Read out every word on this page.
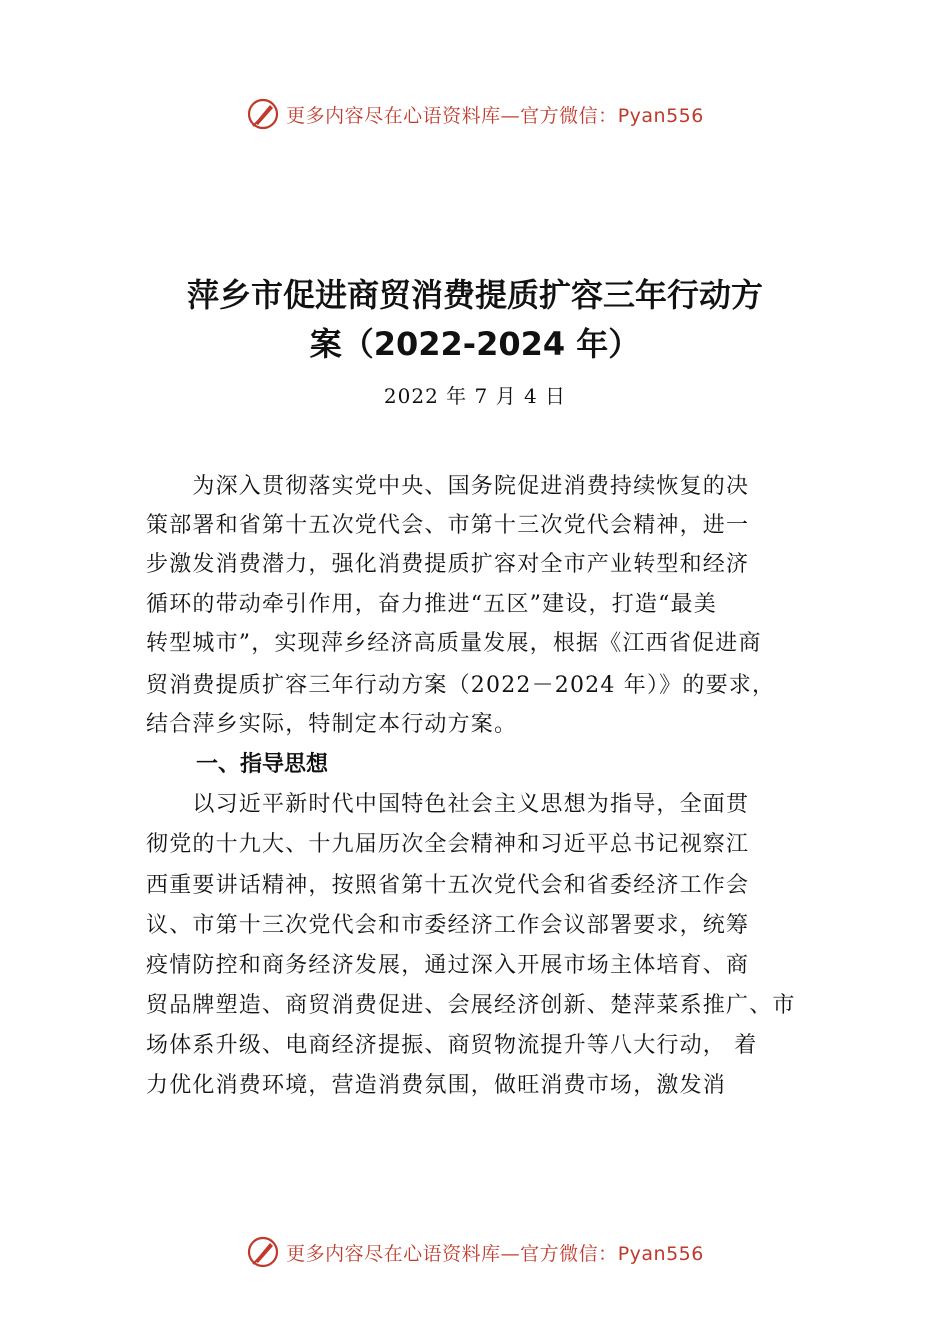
更多内容尽在心语资料库—官方微信：Pyan556
萍乡市促进商贸消费提质扩容三年行动方
案（2022-2024 年）
2022 年 7 月 4 日
　　为深入贯彻落实党中央、国务院促进消费持续恢复的决
策部署和省第十五次党代会、市第十三次党代会精神，进一
步激发消费潜力，强化消费提质扩容对全市产业转型和经济
循环的带动牵引作用，奋力推进“五区”建设，打造“最美
转型城市”，实现萍乡经济高质量发展，根据《江西省促进商
贸消费提质扩容三年行动方案（2022－2024 年）》的要求，
结合萍乡实际，特制定本行动方案。
一、指导思想
　　以习近平新时代中国特色社会主义思想为指导，全面贯
彻党的十九大、十九届历次全会精神和习近平总书记视察江
西重要讲话精神，按照省第十五次党代会和省委经济工作会
议、市第十三次党代会和市委经济工作会议部署要求，统筹
疫情防控和商务经济发展，通过深入开展市场主体培育、商
贸品牌塑造、商贸消费促进、会展经济创新、楚萍菜系推广、市
场体系升级、电商经济提振、商贸物流提升等八大行动， 着
力优化消费环境，营造消费氛围，做旺消费市场，激发消
更多内容尽在心语资料库—官方微信：Pyan556
